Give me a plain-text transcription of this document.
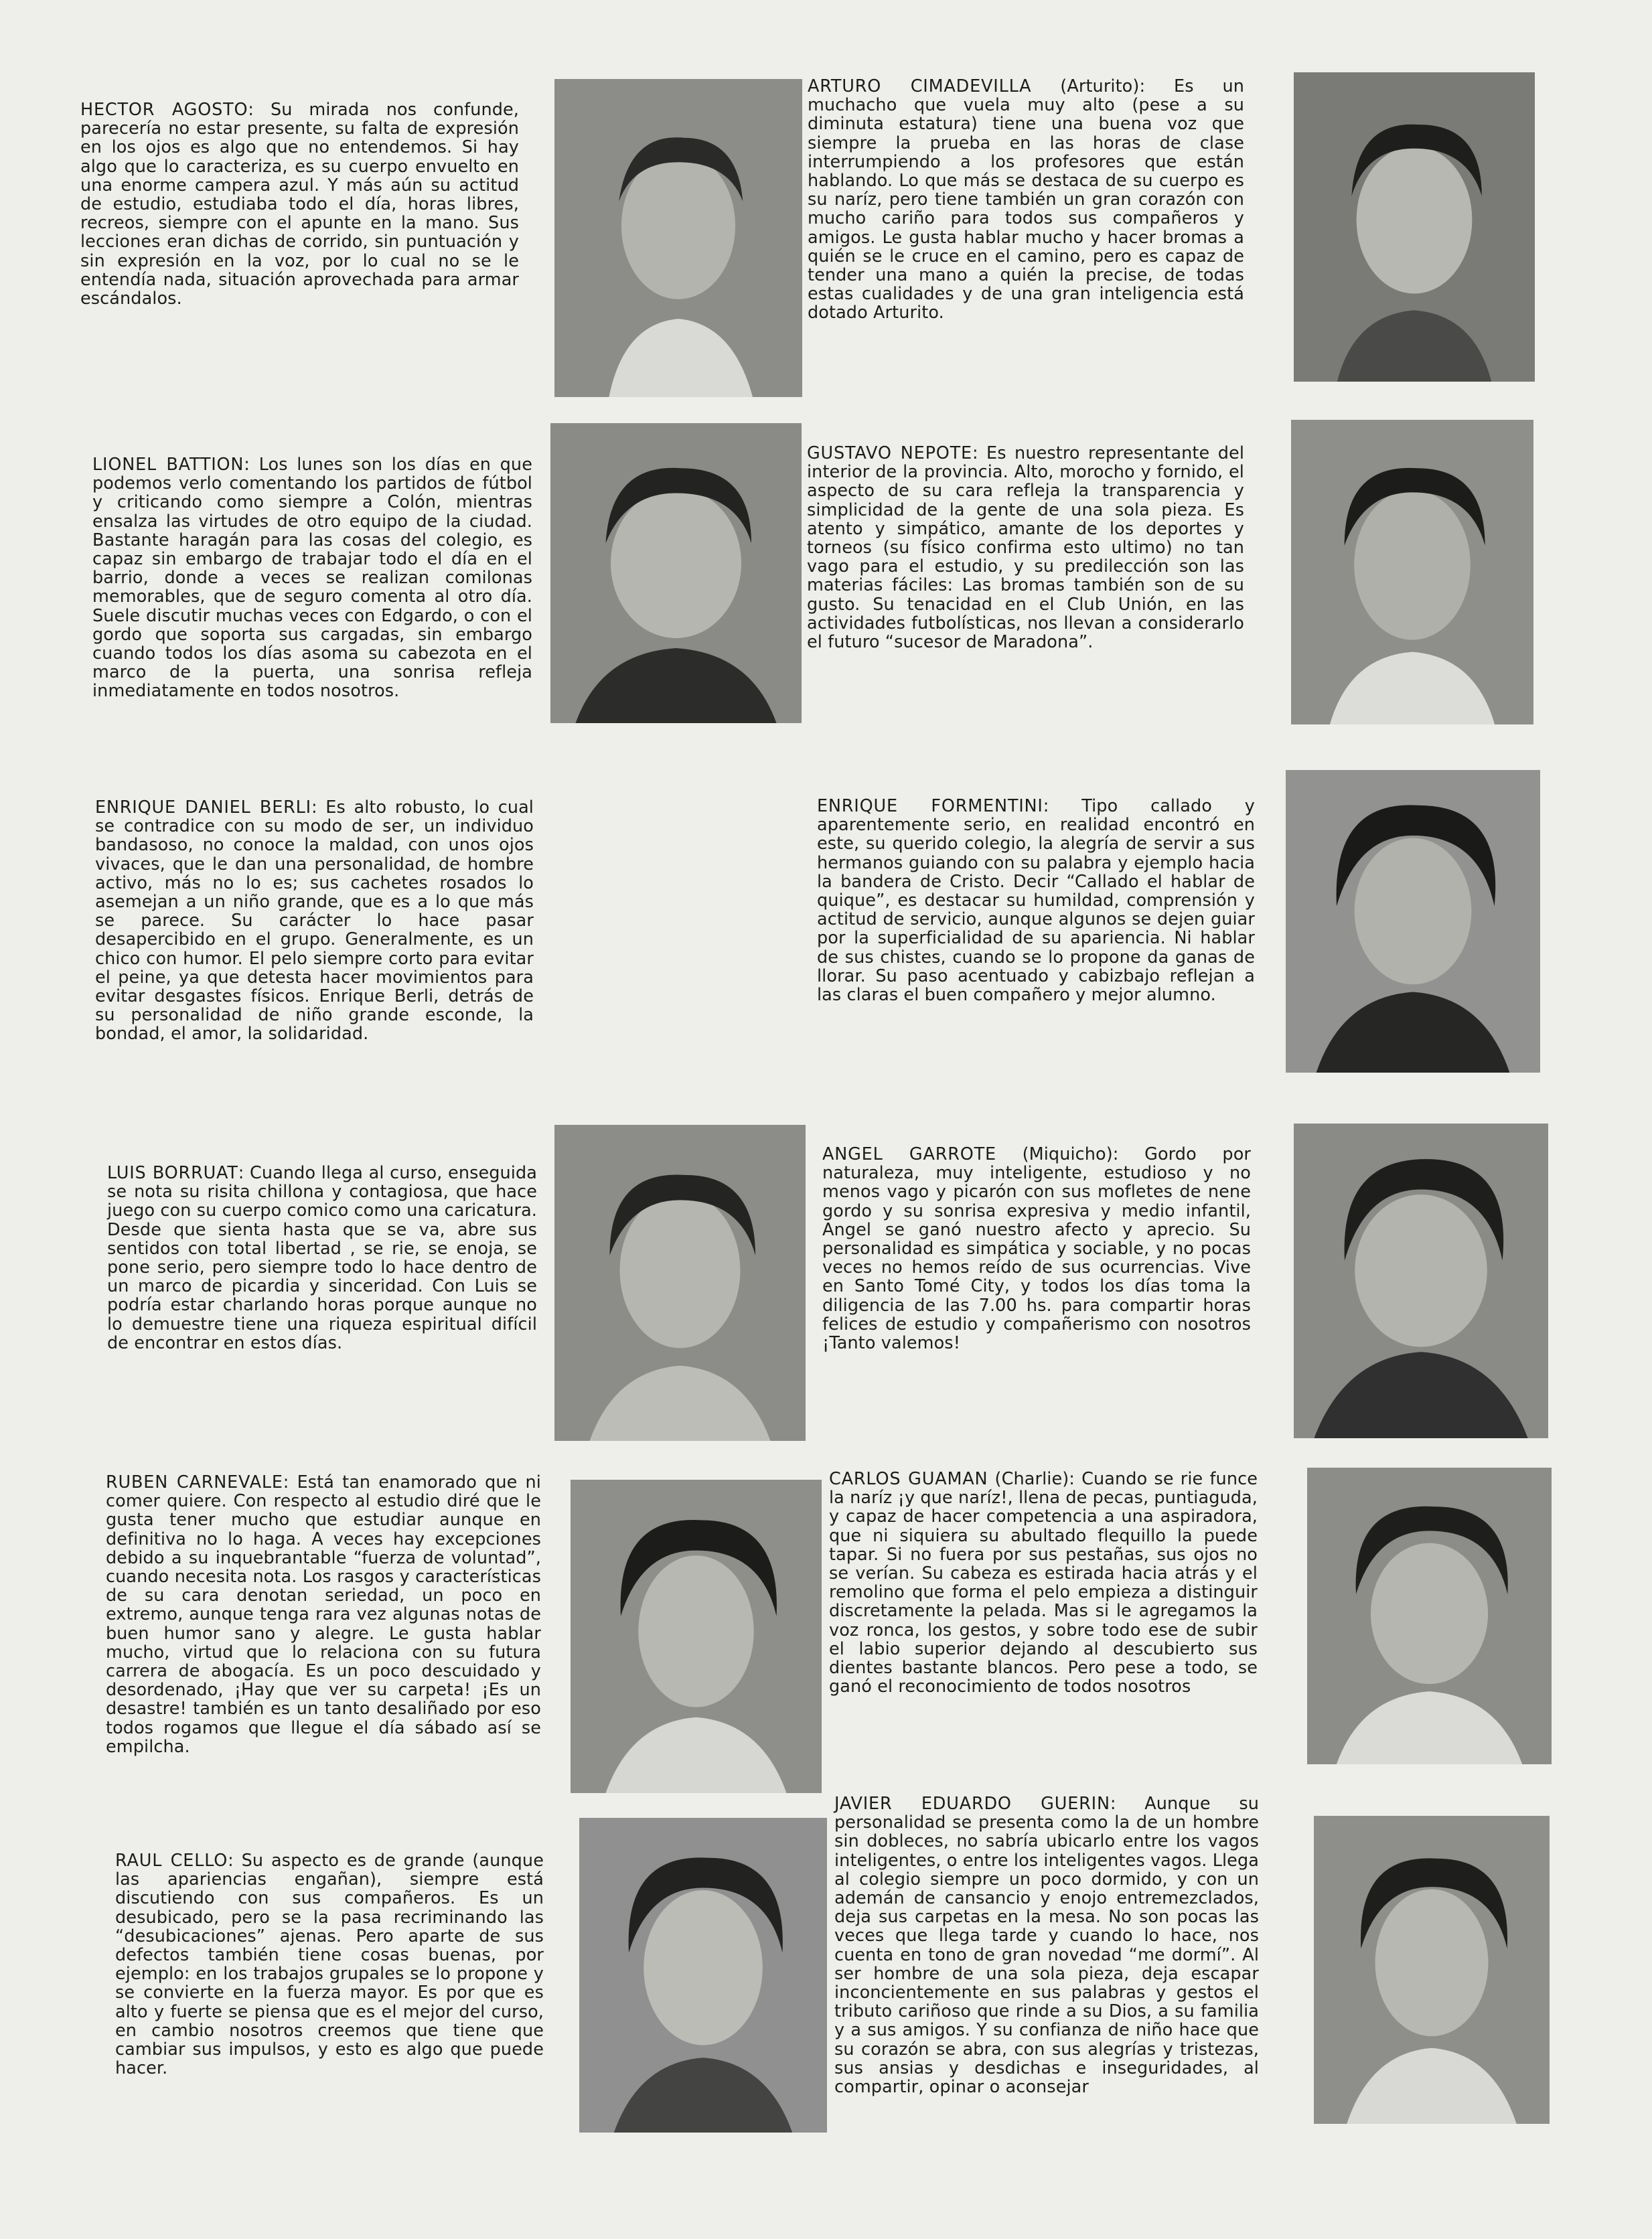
HECTOR AGOSTO: Su mirada nos confunde, parecería no estar presente, su falta de expresión en los ojos es algo que no entendemos. Si hay algo que lo caracteriza, es su cuerpo envuelto en una enorme campera azul. Y más aún su actitud de estudio, estudiaba todo el día, horas libres, recreos, siempre con el apunte en la mano. Sus lecciones eran dichas de corrido, sin puntuación y sin expresión en la voz, por lo cual no se le entendía nada, situación aprovechada para armar escándalos.
ARTURO CIMADEVILLA (Arturito): Es un muchacho que vuela muy alto (pese a su diminuta estatura) tiene una buena voz que siempre la prueba en las horas de clase interrumpiendo a los profesores que están hablando. Lo que más se destaca de su cuerpo es su naríz, pero tiene también un gran corazón con mucho cariño para todos sus compañeros y amigos. Le gusta hablar mucho y hacer bromas a quién se le cruce en el camino, pero es capaz de tender una mano a quién la precise, de todas estas cualidades y de una gran inteligencia está dotado Arturito.
LIONEL BATTION: Los lunes son los días en que podemos verlo comentando los partidos de fútbol y criticando como siempre a Colón, mientras ensalza las virtudes de otro equipo de la ciudad. Bastante haragán para las cosas del colegio, es capaz sin embargo de trabajar todo el día en el barrio, donde a veces se realizan comilonas memorables, que de seguro comenta al otro día. Suele discutir muchas veces con Edgardo, o con el gordo que soporta sus cargadas, sin embargo cuando todos los días asoma su cabezota en el marco de la puerta, una sonrisa refleja inmediatamente en todos nosotros.
GUSTAVO NEPOTE: Es nuestro representante del interior de la provincia. Alto, morocho y fornido, el aspecto de su cara refleja la transparencia y simplicidad de la gente de una sola pieza. Es atento y simpático, amante de los deportes y torneos (su físico confirma esto ultimo) no tan vago para el estudio, y su predilección son las materias fáciles: Las bromas también son de su gusto. Su tenacidad en el Club Unión, en las actividades futbolísticas, nos llevan a considerarlo el futuro “sucesor de Maradona”.
ENRIQUE DANIEL BERLI: Es alto robusto, lo cual se contradice con su modo de ser, un individuo bandasoso, no conoce la maldad, con unos ojos vivaces, que le dan una personalidad, de hombre activo, más no lo es; sus cachetes rosados lo asemejan a un niño grande, que es a lo que más se parece. Su carácter lo hace pasar desapercibido en el grupo. Generalmente, es un chico con humor. El pelo siempre corto para evitar el peine, ya que detesta hacer movimientos para evitar desgastes físicos. Enrique Berli, detrás de su personalidad de niño grande esconde, la bondad, el amor, la solidaridad.
ENRIQUE FORMENTINI: Tipo callado y aparentemente serio, en realidad encontró en este, su querido colegio, la alegría de servir a sus hermanos guiando con su palabra y ejemplo hacia la bandera de Cristo. Decir “Callado el hablar de quique”, es destacar su humildad, comprensión y actitud de servicio, aunque algunos se dejen guiar por la superficialidad de su apariencia. Ni hablar de sus chistes, cuando se lo propone da ganas de llorar. Su paso acentuado y cabizbajo reflejan a las claras el buen compañero y mejor alumno.
LUIS BORRUAT: Cuando llega al curso, enseguida se nota su risita chillona y contagiosa, que hace juego con su cuerpo comico como una caricatura. Desde que sienta hasta que se va, abre sus sentidos con total libertad , se rie, se enoja, se pone serio, pero siempre todo lo hace dentro de un marco de picardia y sinceridad. Con Luis se podría estar charlando horas porque aunque no lo demuestre tiene una riqueza espiritual difícil de encontrar en estos días.
ANGEL GARROTE (Miquicho): Gordo por naturaleza, muy inteligente, estudioso y no menos vago y picarón con sus mofletes de nene gordo y su sonrisa expresiva y medio infantil, Angel se ganó nuestro afecto y aprecio. Su personalidad es simpática y sociable, y no pocas veces no hemos reído de sus ocurrencias. Vive en Santo Tomé City, y todos los días toma la diligencia de las 7.00 hs. para compartir horas felices de estudio y compañerismo con nosotros ¡Tanto valemos!
RUBEN CARNEVALE: Está tan enamorado que ni comer quiere. Con respecto al estudio diré que le gusta tener mucho que estudiar aunque en definitiva no lo haga. A veces hay excepciones debido a su inquebrantable “fuerza de voluntad”, cuando necesita nota. Los rasgos y características de su cara denotan seriedad, un poco en extremo, aunque tenga rara vez algunas notas de buen humor sano y alegre. Le gusta hablar mucho, virtud que lo relaciona con su futura carrera de abogacía. Es un poco descuidado y desordenado, ¡Hay que ver su carpeta! ¡Es un desastre! también es un tanto desaliñado por eso todos rogamos que llegue el día sábado así se empilcha.
CARLOS GUAMAN (Charlie): Cuando se rie funce la naríz ¡y que naríz!, llena de pecas, puntiaguda, y capaz de hacer competencia a una aspiradora, que ni siquiera su abultado flequillo la puede tapar. Si no fuera por sus pestañas, sus ojos no se verían. Su cabeza es estirada hacia atrás y el remolino que forma el pelo empieza a distinguir discretamente la pelada. Mas si le agregamos la voz ronca, los gestos, y sobre todo ese de subir el labio superior dejando al descubierto sus dientes bastante blancos. Pero pese a todo, se ganó el reconocimiento de todos nosotros
RAUL CELLO: Su aspecto es de grande (aunque las apariencias engañan), siempre está discutiendo con sus compañeros. Es un desubicado, pero se la pasa recriminando las “desubicaciones” ajenas. Pero aparte de sus defectos también tiene cosas buenas, por ejemplo: en los trabajos grupales se lo propone y se convierte en la fuerza mayor. Es por que es alto y fuerte se piensa que es el mejor del curso, en cambio nosotros creemos que tiene que cambiar sus impulsos, y esto es algo que puede hacer.
JAVIER EDUARDO GUERIN: Aunque su personalidad se presenta como la de un hombre sin dobleces, no sabría ubicarlo entre los vagos inteligentes, o entre los inteligentes vagos. Llega al colegio siempre un poco dormido, y con un ademán de cansancio y enojo entremezclados, deja sus carpetas en la mesa. No son pocas las veces que llega tarde y cuando lo hace, nos cuenta en tono de gran novedad “me dormí”. Al ser hombre de una sola pieza, deja escapar inconcientemente en sus palabras y gestos el tributo cariñoso que rinde a su Dios, a su familia y a sus amigos. Y su confianza de niño hace que su corazón se abra, con sus alegrías y tristezas, sus ansias y desdichas e inseguridades, al compartir, opinar o aconsejar
